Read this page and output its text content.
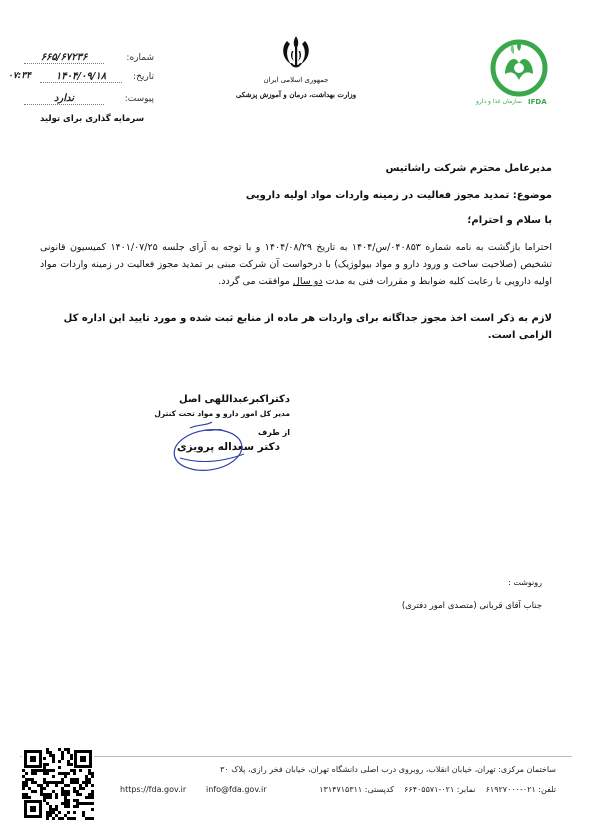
شماره:
۶۶۵/۶۷۲۳۶
تاریخ:
۱۴۰۴/۰۹/۱۸
۰۷:۳۴
پیوست:
ندارد
سرمایه گذاری برای تولید
جمهوری اسلامی ایران
وزارت بهداشت، درمان و آموزش پزشکی
سازمان غذا و دارو IFDA
مدیرعامل محترم شرکت راشاتیس
موضوع: تمدید مجوز فعالیت در زمینه واردات مواد اولیه دارویی
با سلام و احترام؛
احتراما بازگشت به نامه شماره ۰۴۰۸۵۳/س/۱۴۰۴ به تاریخ ۱۴۰۴/۰۸/۲۹ و با توجه به آرای جلسه ۱۴۰۱/۰۷/۲۵ کمیسیون قانونی تشخیص (صلاحیت ساخت و ورود دارو و مواد بیولوژیک) با درخواست آن شرکت مبنی بر تمدید مجوز فعالیت در زمینه واردات مواد اولیه دارویی با رعایت کلیه ضوابط و مقررات فنی به مدت دو سال موافقت می گردد.
لازم به ذکر است اخذ مجوز جداگانه برای واردات هر ماده از منابع ثبت شده و مورد تایید این اداره کل الزامی است.
دکتراکبرعبداللهی اصل
مدیر کل امور دارو و مواد تحت کنترل
از طرف
دکتر سعداله پرویزی
رونوشت :
جناب آقای قربانی (متصدی امور دفتری)
ساختمان مرکزی: تهران، خیابان انقلاب، روبروی درب اصلی دانشگاه تهران، خیابان فخر رازی، پلاک ۳۰
تلفن: ۰۲۱-۶۱۹۲۷۰۰۰    نمابر: ۰۲۱-۶۶۴۰۵۵۷۱    کدپستی: ۱۳۱۴۷۱۵۳۱۱
info@fda.gov.ir
https://fda.gov.ir
